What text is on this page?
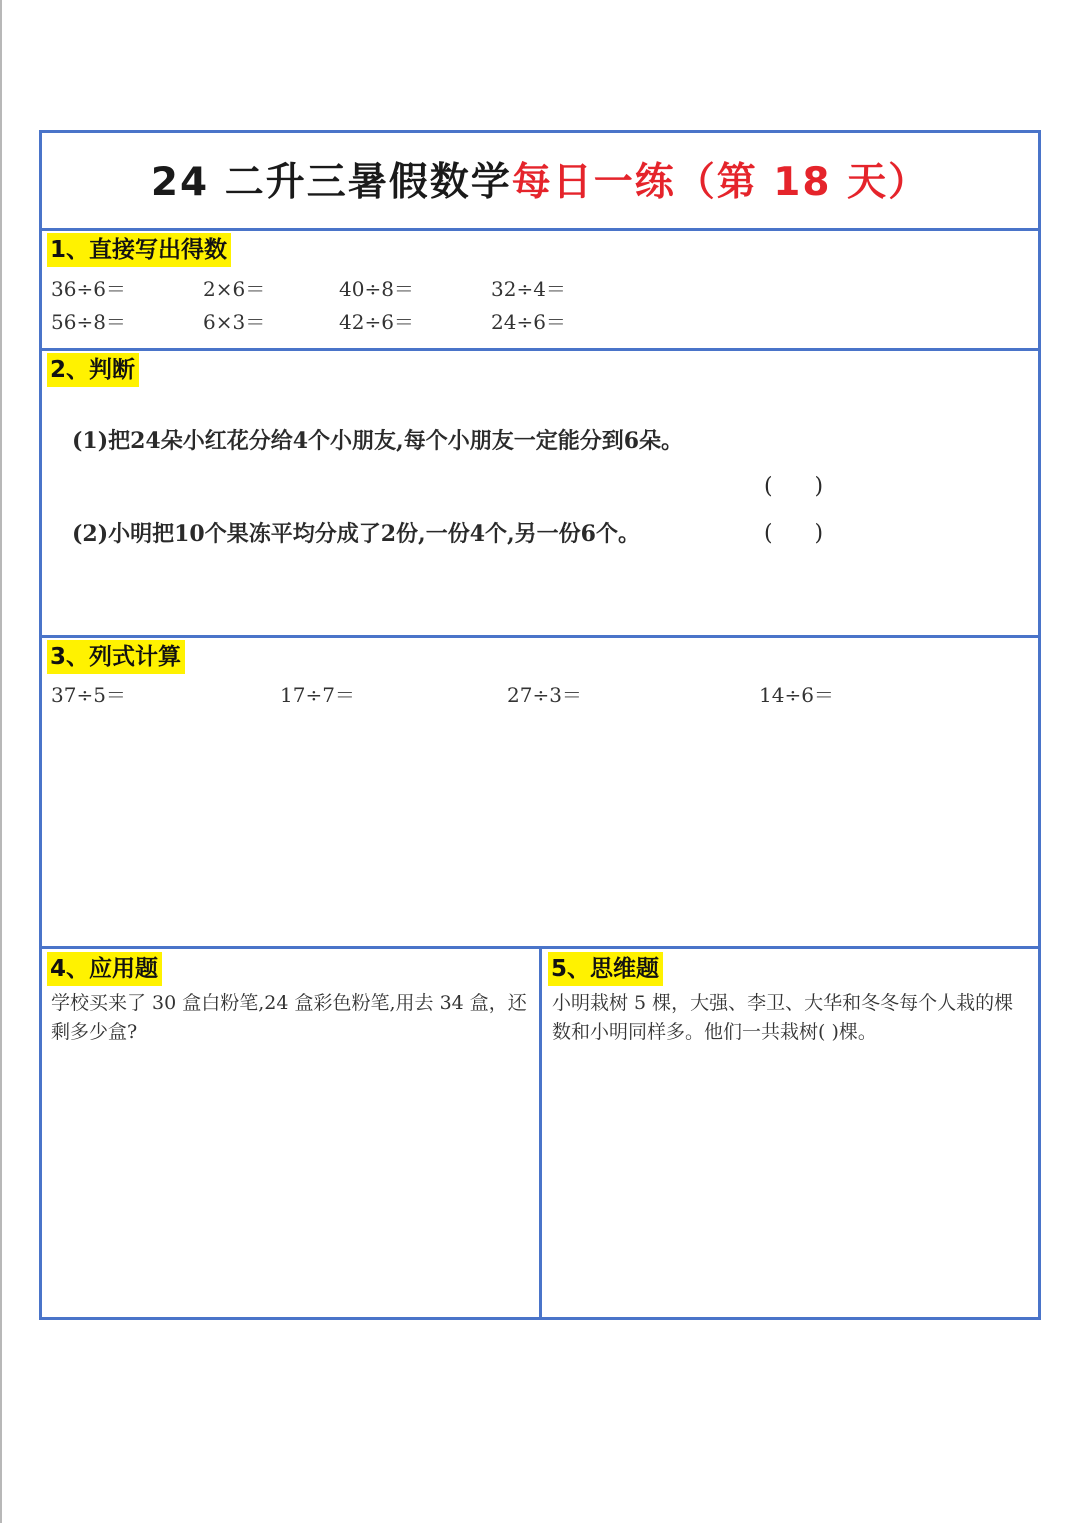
24 二升三暑假数学每日一练（第 18 天）
1、直接写出得数
36÷6＝	2×6＝	40÷8＝	32÷4＝
56÷8＝	6×3＝	42÷6＝	24÷6＝
2、判断
(1)把24朵小红花分给4个小朋友,每个小朋友一定能分到6朵。
(      )
(2)小明把10个果冻平均分成了2份,一份4个,另一份6个。	(      )
3、列式计算
37÷5＝	17÷7＝	27÷3＝	14÷6＝
4、应用题
学校买来了 30 盒白粉笔,24 盒彩色粉笔,用去 34 盒，还剩多少盒?
5、思维题
小明栽树 5 棵，大强、李卫、大华和冬冬每个人栽的棵数和小明同样多。他们一共栽树( )棵。
